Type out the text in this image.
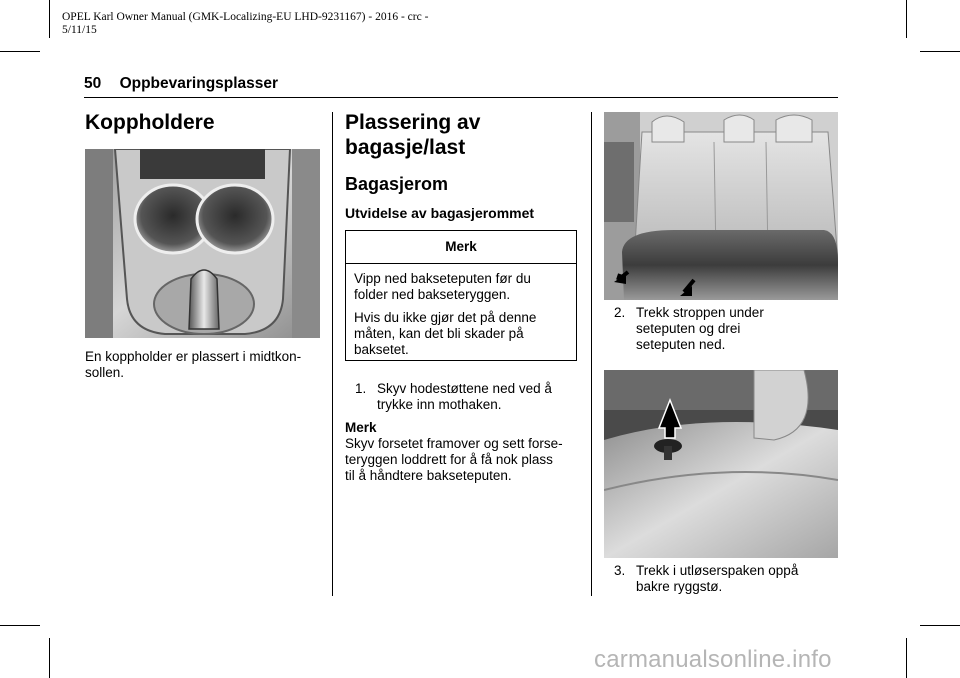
OPEL Karl Owner Manual (GMK-Localizing-EU LHD-9231167) - 2016 - crc -
5/11/15
50 Oppbevaringsplasser
Koppholdere
En koppholder er plassert i midtkon-
sollen.
Plassering av
bagasje/last
Bagasjerom
Utvidelse av bagasjerommet
Merk
Vipp ned bakseteputen før du
folder ned bakseteryggen.
Hvis du ikke gjør det på denne
måten, kan det bli skader på
baksetet.
1. Skyv hodestøttene ned ved å
trykke inn mothaken.
Merk
Skyv forsetet framover og sett forse-
teryggen loddrett for å få nok plass
til å håndtere bakseteputen.
2. Trekk stroppen under
seteputen og drei
seteputen ned.
3. Trekk i utløserspaken oppå
bakre ryggstø.
carmanualsonline.info
